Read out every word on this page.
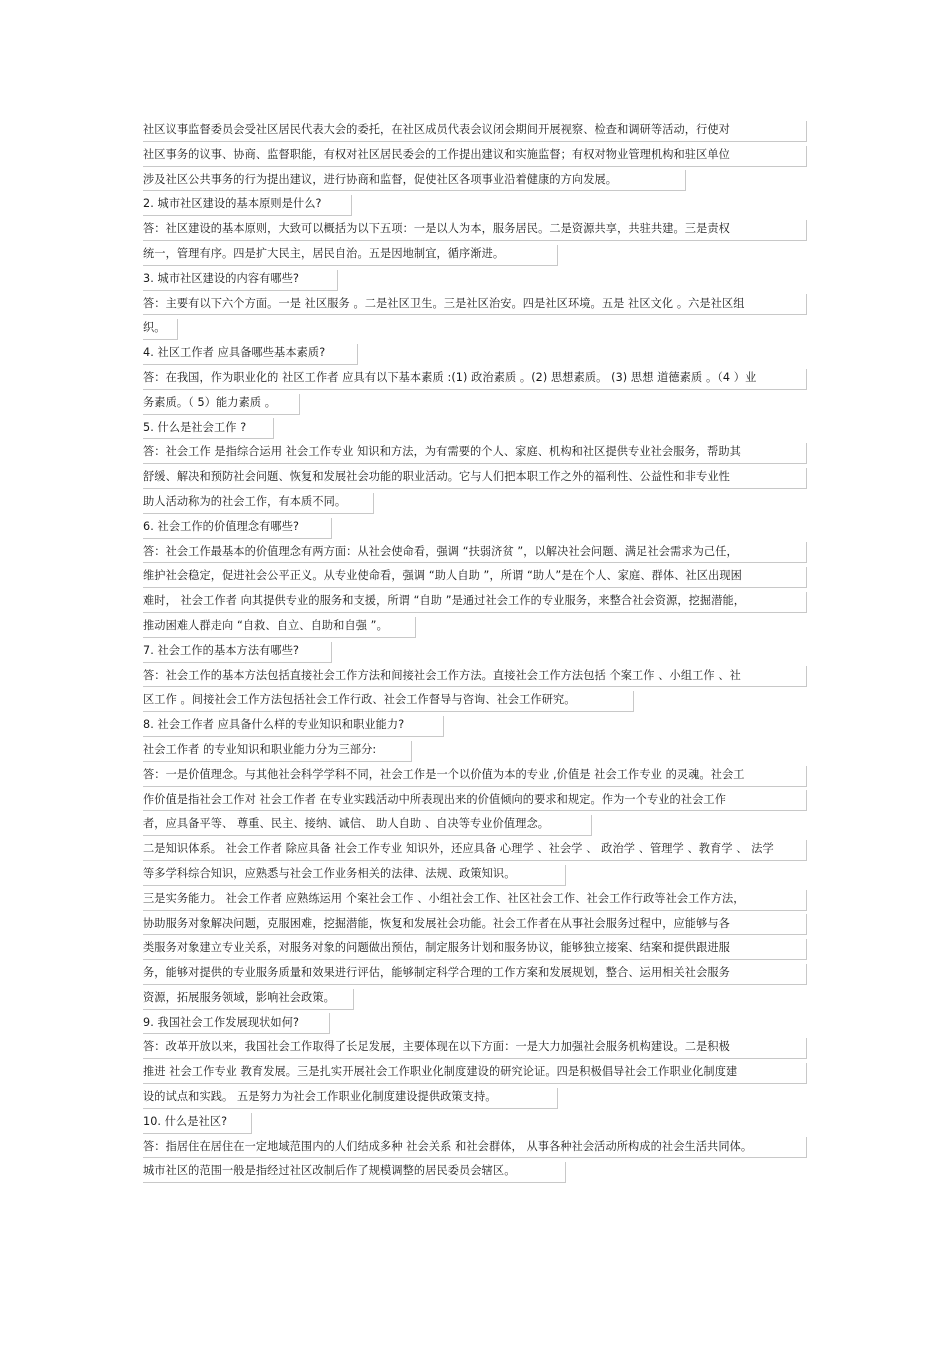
社区议事监督委员会受社区居民代表大会的委托，在社区成员代表会议闭会期间开展视察、检查和调研等活动，行使对
社区事务的议事、协商、监督职能，有权对社区居民委会的工作提出建议和实施监督；有权对物业管理机构和驻区单位
涉及社区公共事务的行为提出建议，进行协商和监督，促使社区各项事业沿着健康的方向发展。
2. 城市社区建设的基本原则是什么?
答：社区建设的基本原则，大致可以概括为以下五项：一是以人为本，服务居民。二是资源共享，共驻共建。三是责权
统一，管理有序。四是扩大民主，居民自治。五是因地制宜，循序渐进。
3. 城市社区建设的内容有哪些?
答：主要有以下六个方面。一是 社区服务 。二是社区卫生。三是社区治安。四是社区环境。五是 社区文化 。六是社区组
织。
4. 社区工作者 应具备哪些基本素质?
答：在我国，作为职业化的 社区工作者 应具有以下基本素质 :(1) 政治素质 。(2) 思想素质。 (3) 思想 道德素质 。（4 ）业
务素质。（ 5）能力素质 。
5. 什么是社会工作 ?
答：社会工作 是指综合运用 社会工作专业 知识和方法，为有需要的个人、家庭、机构和社区提供专业社会服务，帮助其
舒缓、解决和预防社会问题、恢复和发展社会功能的职业活动。它与人们把本职工作之外的福利性、公益性和非专业性
助人活动称为的社会工作，有本质不同。
6. 社会工作的价值理念有哪些?
答：社会工作最基本的价值理念有两方面：从社会使命看，强调 “扶弱济贫 ”，以解决社会问题、满足社会需求为己任，
维护社会稳定，促进社会公平正义。从专业使命看，强调 “助人自助 ”，所谓 “助人”是在个人、家庭、群体、社区出现困
难时， 社会工作者 向其提供专业的服务和支援，所谓 “自助 ”是通过社会工作的专业服务，来整合社会资源，挖掘潜能，
推动困难人群走向 “自救、自立、自助和自强 ”。
7. 社会工作的基本方法有哪些?
答：社会工作的基本方法包括直接社会工作方法和间接社会工作方法。直接社会工作方法包括 个案工作 、小组工作 、社
区工作 。间接社会工作方法包括社会工作行政、社会工作督导与咨询、社会工作研究。
8. 社会工作者 应具备什么样的专业知识和职业能力?
社会工作者 的专业知识和职业能力分为三部分:
答：一是价值理念。与其他社会科学学科不同，社会工作是一个以价值为本的专业 ,价值是 社会工作专业 的灵魂。社会工
作价值是指社会工作对 社会工作者 在专业实践活动中所表现出来的价值倾向的要求和规定。作为一个专业的社会工作
者，应具备平等、 尊重、民主、接纳、诚信、 助人自助 、自决等专业价值理念。
二是知识体系。 社会工作者 除应具备 社会工作专业 知识外，还应具备 心理学 、社会学 、 政治学 、管理学 、教育学 、 法学
等多学科综合知识，应熟悉与社会工作业务相关的法律、法规、政策知识。
三是实务能力。 社会工作者 应熟练运用 个案社会工作 、小组社会工作、社区社会工作、社会工作行政等社会工作方法，
协助服务对象解决问题，克服困难，挖掘潜能，恢复和发展社会功能。社会工作者在从事社会服务过程中，应能够与各
类服务对象建立专业关系，对服务对象的问题做出预估，制定服务计划和服务协议，能够独立接案、结案和提供跟进服
务，能够对提供的专业服务质量和效果进行评估，能够制定科学合理的工作方案和发展规划，整合、运用相关社会服务
资源，拓展服务领域，影响社会政策。
9. 我国社会工作发展现状如何?
答：改革开放以来，我国社会工作取得了长足发展，主要体现在以下方面：一是大力加强社会服务机构建设。二是积极
推进 社会工作专业 教育发展。三是扎实开展社会工作职业化制度建设的研究论证。四是积极倡导社会工作职业化制度建
设的试点和实践。 五是努力为社会工作职业化制度建设提供政策支持。
10. 什么是社区?
答：指居住在居住在一定地域范围内的人们结成多种 社会关系 和社会群体， 从事各种社会活动所构成的社会生活共同体。
城市社区的范围一般是指经过社区改制后作了规模调整的居民委员会辖区。
